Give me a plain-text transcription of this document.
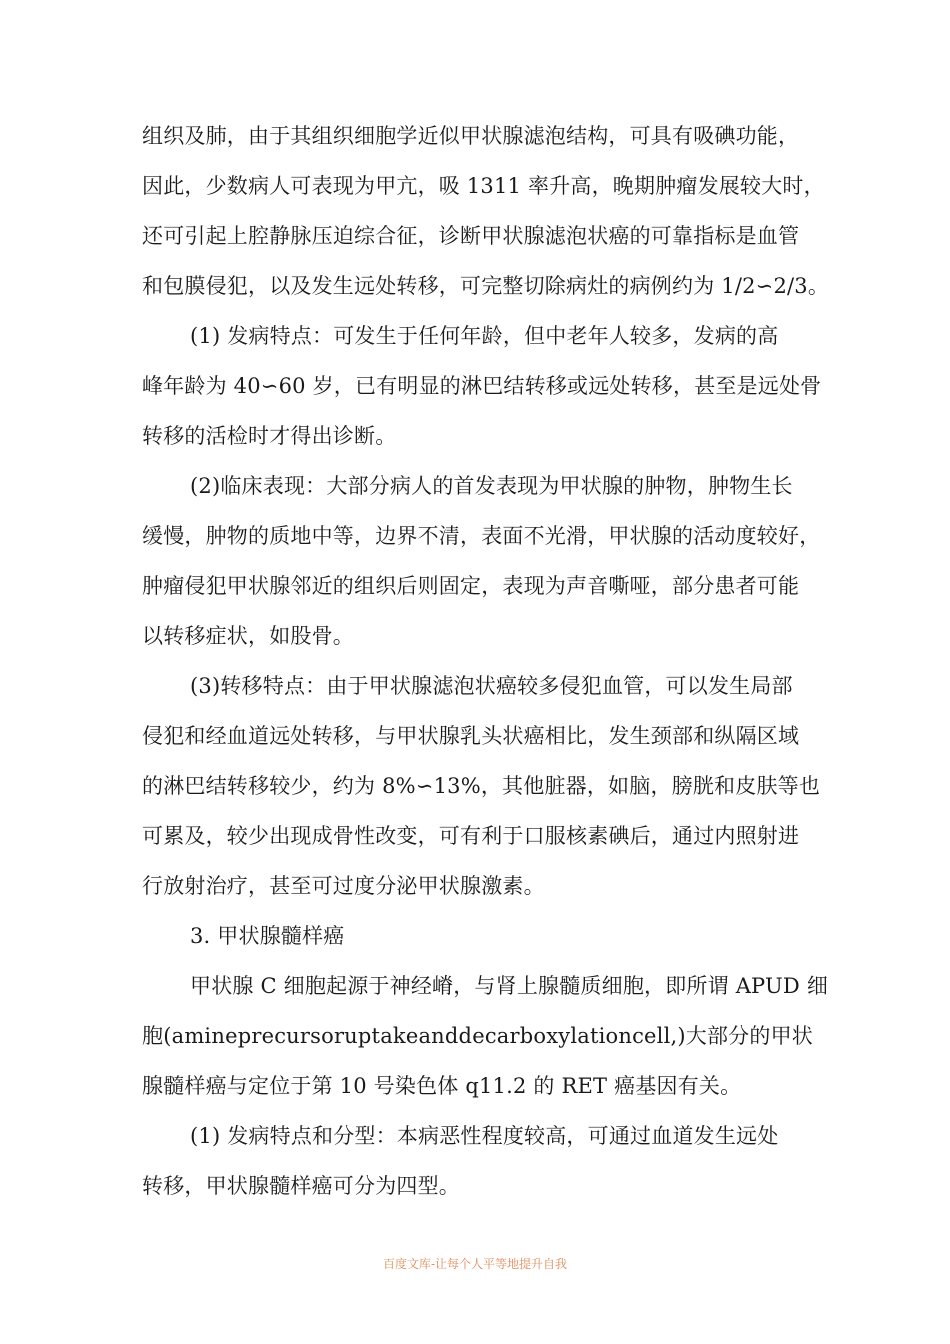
组织及肺，由于其组织细胞学近似甲状腺滤泡结构，可具有吸碘功能，
因此，少数病人可表现为甲亢，吸 1311 率升高，晚期肿瘤发展较大时，
还可引起上腔静脉压迫综合征，诊断甲状腺滤泡状癌的可靠指标是血管
和包膜侵犯，以及发生远处转移，可完整切除病灶的病例约为 1/2∽2/3。
(1) 发病特点：可发生于任何年龄，但中老年人较多，发病的高
峰年龄为 40∽60 岁，已有明显的淋巴结转移或远处转移，甚至是远处骨
转移的活检时才得出诊断。
(2)临床表现：大部分病人的首发表现为甲状腺的肿物，肿物生长
缓慢，肿物的质地中等，边界不清，表面不光滑，甲状腺的活动度较好，
肿瘤侵犯甲状腺邻近的组织后则固定，表现为声音嘶哑，部分患者可能
以转移症状，如股骨。
(3)转移特点：由于甲状腺滤泡状癌较多侵犯血管，可以发生局部
侵犯和经血道远处转移，与甲状腺乳头状癌相比，发生颈部和纵隔区域
的淋巴结转移较少，约为 8%∽13%，其他脏器，如脑，膀胱和皮肤等也
可累及，较少出现成骨性改变，可有利于口服核素碘后，通过内照射进
行放射治疗，甚至可过度分泌甲状腺激素。
3. 甲状腺髓样癌
甲状腺 C 细胞起源于神经嵴，与肾上腺髓质细胞，即所谓 APUD 细
胞(amineprecursoruptakeanddecarboxylationcell,)大部分的甲状
腺髓样癌与定位于第 10 号染色体 q11.2 的 RET 癌基因有关。
(1) 发病特点和分型：本病恶性程度较高，可通过血道发生远处
转移，甲状腺髓样癌可分为四型。
百度文库-让每个人平等地提升自我
